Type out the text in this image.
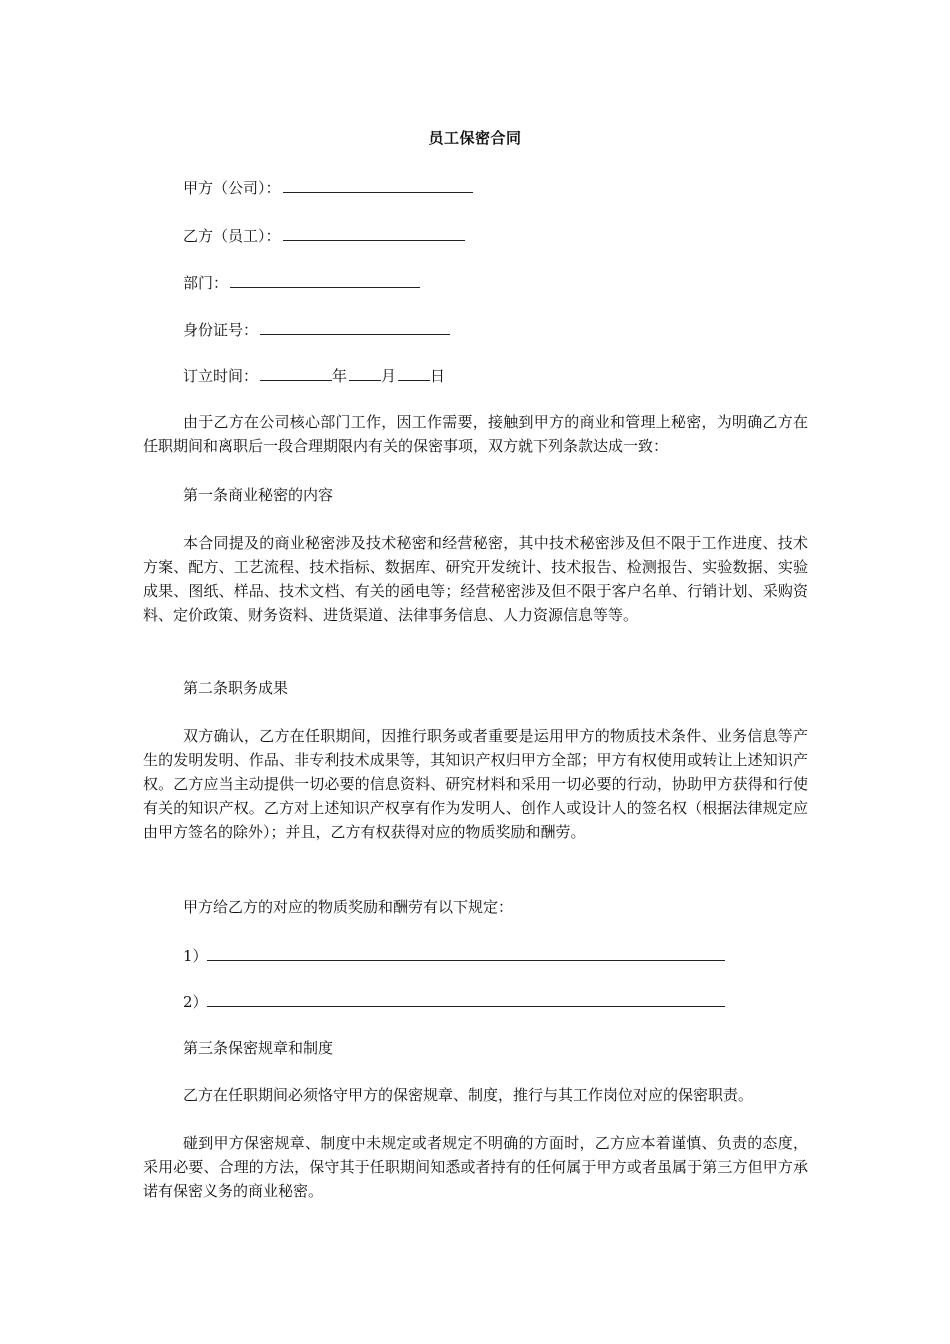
员工保密合同
甲方（公司）：
乙方（员工）：
部门：
身份证号：
订立时间：	年 月 日

由于乙方在公司核心部门工作，因工作需要，接触到甲方的商业和管理上秘密，为明确乙方在任职期间和离职后一段合理期限内有关的保密事项，双方就下列条款达成一致：

第一条商业秘密的内容

本合同提及的商业秘密涉及技术秘密和经营秘密，其中技术秘密涉及但不限于工作进度、技术方案、配方、工艺流程、技术指标、数据库、研究开发统计、技术报告、检测报告、实验数据、实验成果、图纸、样品、技术文档、有关的函电等；经营秘密涉及但不限于客户名单、行销计划、采购资料、定价政策、财务资料、进货渠道、法律事务信息、人力资源信息等等。

第二条职务成果

双方确认，乙方在任职期间，因推行职务或者重要是运用甲方的物质技术条件、业务信息等产生的发明发明、作品、非专利技术成果等，其知识产权归甲方全部；甲方有权使用或转让上述知识产权。乙方应当主动提供一切必要的信息资料、研究材料和采用一切必要的行动，协助甲方获得和行使有关的知识产权。乙方对上述知识产权享有作为发明人、创作人或设计人的签名权（根据法律规定应由甲方签名的除外）；并且，乙方有权获得对应的物质奖励和酬劳。

甲方给乙方的对应的物质奖励和酬劳有以下规定：
1）
2）
第三条保密规章和制度
乙方在任职期间必须恪守甲方的保密规章、制度，推行与其工作岗位对应的保密职责。

碰到甲方保密规章、制度中未规定或者规定不明确的方面时，乙方应本着谨慎、负责的态度，采用必要、合理的方法，保守其于任职期间知悉或者持有的任何属于甲方或者虽属于第三方但甲方承诺有保密义务的商业秘密。
